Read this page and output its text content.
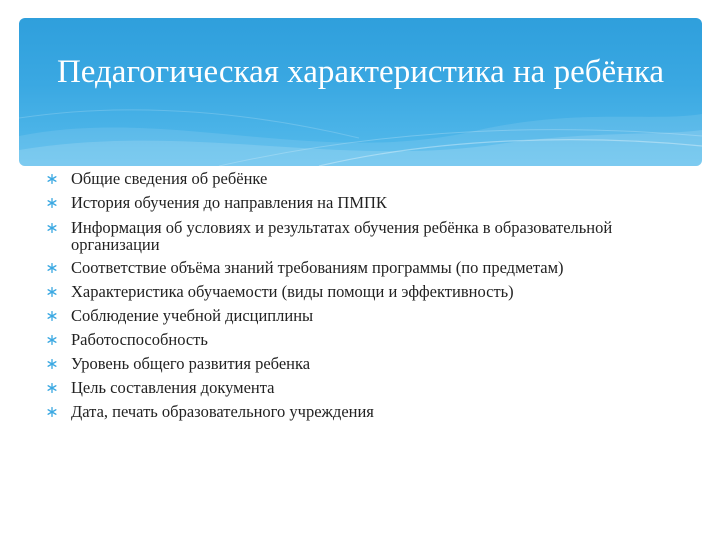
Педагогическая характеристика на ребёнка
Общие сведения об ребёнке
История обучения до направления на ПМПК
Информация об условиях и результатах обучения ребёнка в образовательной организации
Соответствие объёма знаний требованиям программы (по предметам)
Характеристика обучаемости (виды помощи и эффективность)
Соблюдение учебной дисциплины
Работоспособность
Уровень общего развития ребенка
Цель составления документа
Дата, печать образовательного учреждения
